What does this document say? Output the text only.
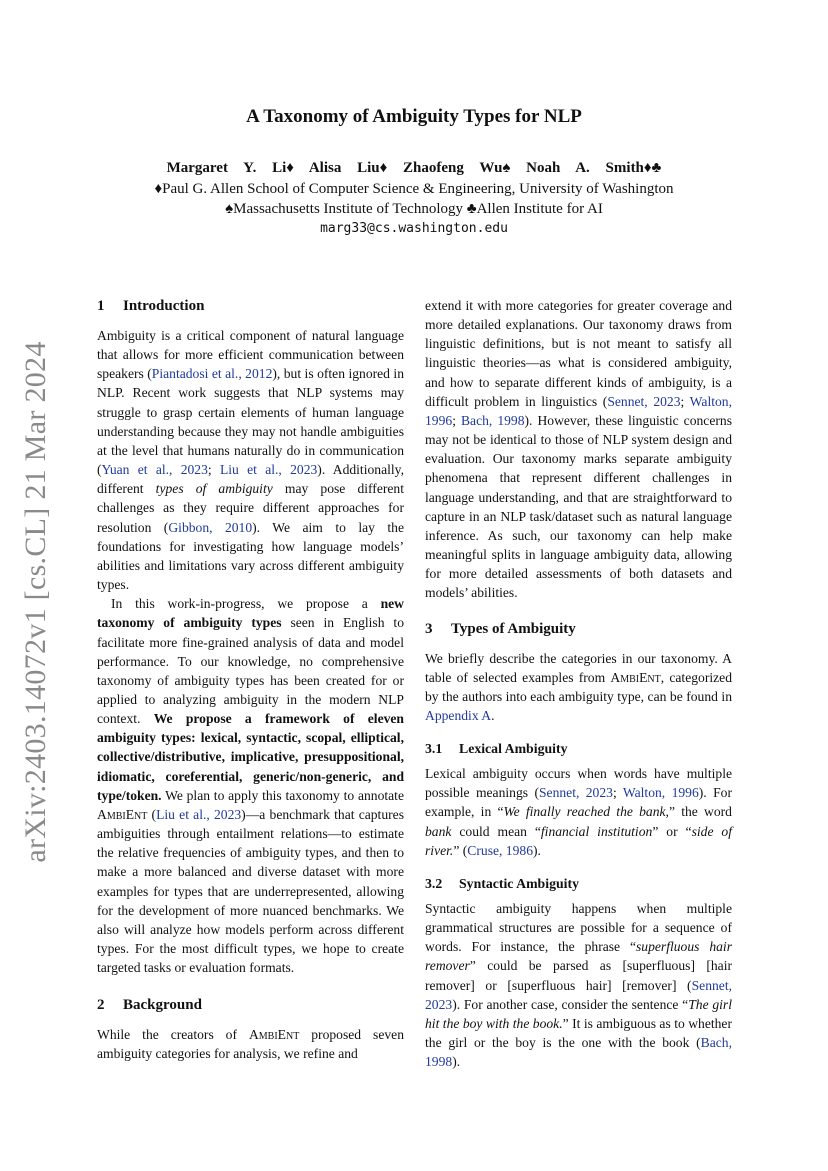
arXiv:2403.14072v1 [cs.CL] 21 Mar 2024
A Taxonomy of Ambiguity Types for NLP
Margaret Y. Li♦ Alisa Liu♦ Zhaofeng Wu♠ Noah A. Smith♦♣
♦Paul G. Allen School of Computer Science & Engineering, University of Washington
♠Massachusetts Institute of Technology ♣Allen Institute for AI
marg33@cs.washington.edu
1 Introduction

Ambiguity is a critical component of natural language that allows for more efficient communication between speakers (Piantadosi et al., 2012), but is often ignored in NLP. Recent work suggests that NLP systems may struggle to grasp certain elements of human language understanding because they may not handle ambiguities at the level that humans naturally do in communication (Yuan et al., 2023; Liu et al., 2023). Additionally, different types of ambiguity may pose different challenges as they require different approaches for resolution (Gibbon, 2010). We aim to lay the foundations for investigating how language models’ abilities and limitations vary across different ambiguity types.

In this work-in-progress, we propose a new taxonomy of ambiguity types seen in English to facilitate more fine-grained analysis of data and model performance. To our knowledge, no comprehensive taxonomy of ambiguity types has been created for or applied to analyzing ambiguity in the modern NLP context. We propose a framework of eleven ambiguity types: lexical, syntactic, scopal, elliptical, collective/distributive, implicative, presuppositional, idiomatic, coreferential, generic/non-generic, and type/token. We plan to apply this taxonomy to annotate AmbiEnt (Liu et al., 2023)—a benchmark that captures ambiguities through entailment relations—to estimate the relative frequencies of ambiguity types, and then to make a more balanced and diverse dataset with more examples for types that are underrepresented, allowing for the development of more nuanced benchmarks. We also will analyze how models perform across different types. For the most difficult types, we hope to create targeted tasks or evaluation formats.

2 Background

While the creators of AmbiEnt proposed seven ambiguity categories for analysis, we refine and

extend it with more categories for greater coverage and more detailed explanations. Our taxonomy draws from linguistic definitions, but is not meant to satisfy all linguistic theories—as what is considered ambiguity, and how to separate different kinds of ambiguity, is a difficult problem in linguistics (Sennet, 2023; Walton, 1996; Bach, 1998). However, these linguistic concerns may not be identical to those of NLP system design and evaluation. Our taxonomy marks separate ambiguity phenomena that represent different challenges in language understanding, and that are straightforward to capture in an NLP task/dataset such as natural language inference. As such, our taxonomy can help make meaningful splits in language ambiguity data, allowing for more detailed assessments of both datasets and models’ abilities.

3 Types of Ambiguity

We briefly describe the categories in our taxonomy. A table of selected examples from AmbiEnt, categorized by the authors into each ambiguity type, can be found in Appendix A.

3.1 Lexical Ambiguity

Lexical ambiguity occurs when words have multiple possible meanings (Sennet, 2023; Walton, 1996). For example, in “We finally reached the bank,” the word bank could mean “financial institution” or “side of river.” (Cruse, 1986).

3.2 Syntactic Ambiguity

Syntactic ambiguity happens when multiple grammatical structures are possible for a sequence of words. For instance, the phrase “superfluous hair remover” could be parsed as [superfluous] [hair remover] or [superfluous hair] [remover] (Sennet, 2023). For another case, consider the sentence “The girl hit the boy with the book.” It is ambiguous as to whether the girl or the boy is the one with the book (Bach, 1998).
